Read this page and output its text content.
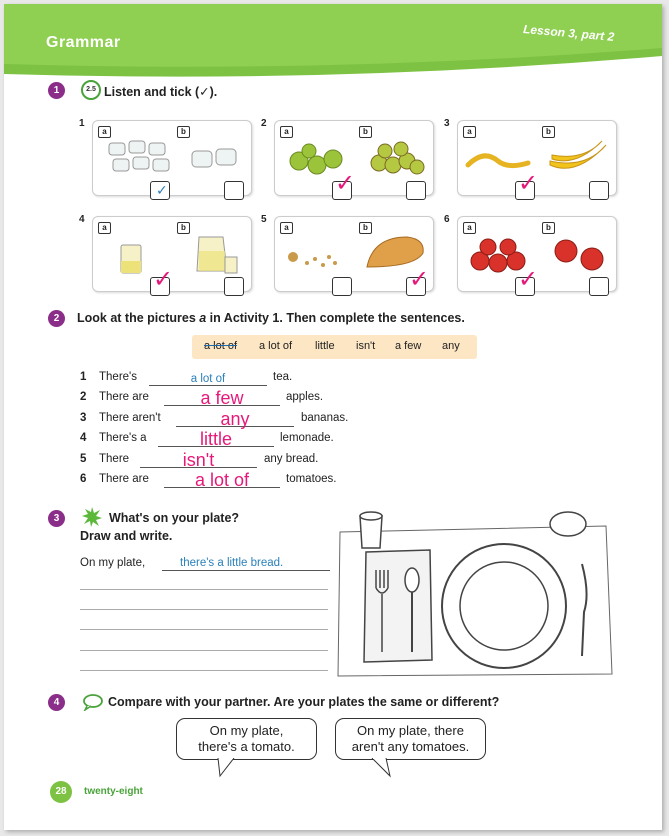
Grammar	Lesson 3, part 2
1	2.5 Listen and tick (✓).
1
a	b
✓
2
a	b
✓
3
a	b
✓
4
a	b
✓
5
a	b
✓
6
a	b
✓
2	Look at the pictures a in Activity 1. Then complete the sentences.
a lot of a lot of little isn't a few any
1 There's	a lot of	tea.
2 There are	a few	apples.
3 There aren't	any	bananas.
4 There's a	little	lemonade.
5 There	isn't	any bread.
6 There are	a lot of	tomatoes.
3	What's on your plate?
Draw and write.
On my plate,	there's a little bread.
4	Compare with your partner. Are your plates the same or different?
On my plate,
there's a tomato.
On my plate, there
aren't any tomatoes.
28	twenty-eight
